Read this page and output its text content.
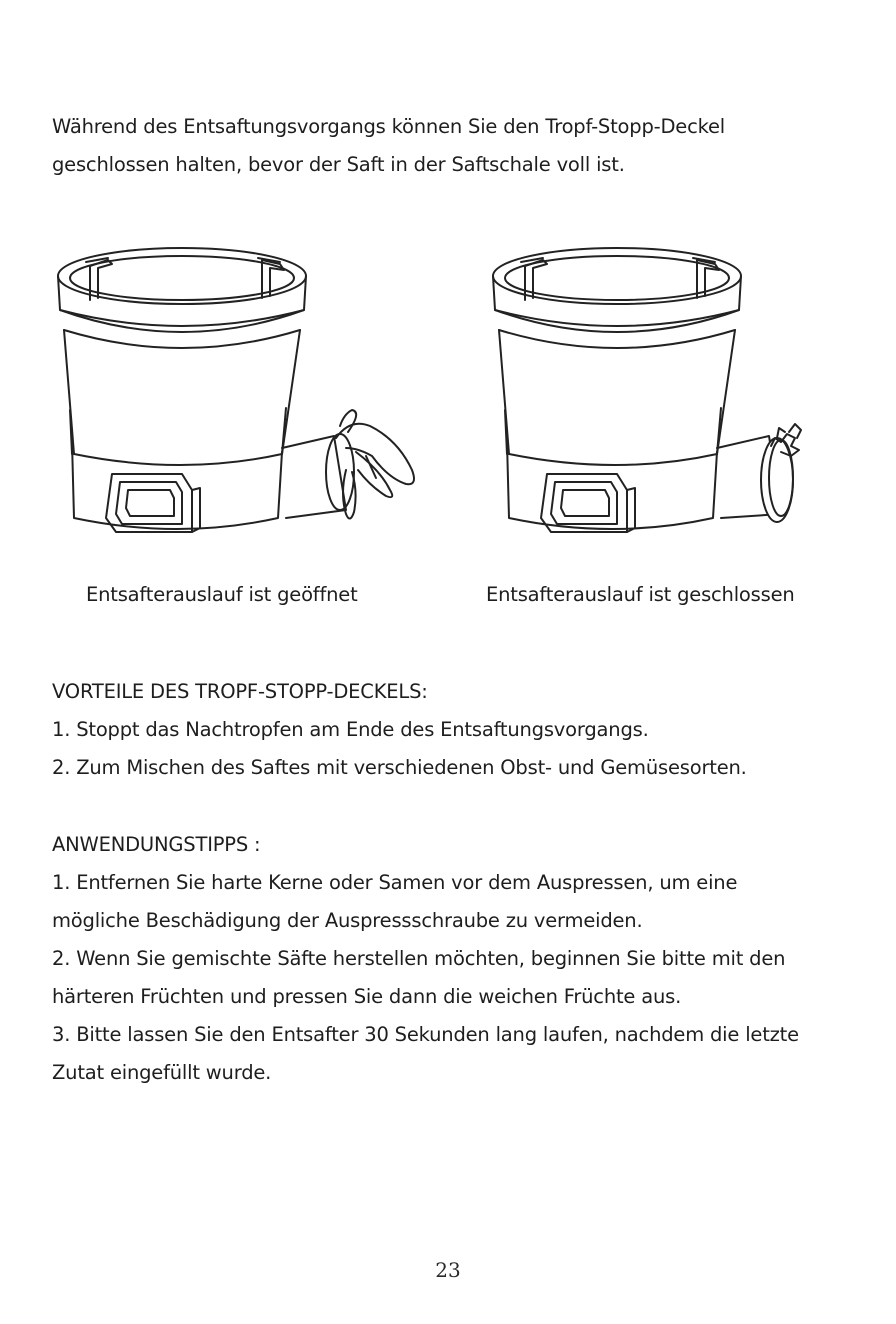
Während des Entsaftungsvorgangs können Sie den Tropf-Stopp-Deckel

geschlossen halten, bevor der Saft in der Saftschale voll ist.

Entsafterauslauf ist geöffnet	Entsafterauslauf ist geschlossen

VORTEILE DES TROPF-STOPP-DECKELS:

1. Stoppt das Nachtropfen am Ende des Entsaftungsvorgangs.

2. Zum Mischen des Saftes mit verschiedenen Obst- und Gemüsesorten.

ANWENDUNGSTIPPS :

1. Entfernen Sie harte Kerne oder Samen vor dem Auspressen, um eine

mögliche Beschädigung der Auspressschraube zu vermeiden.

2. Wenn Sie gemischte Säfte herstellen möchten, beginnen Sie bitte mit den

härteren Früchten und pressen Sie dann die weichen Früchte aus.

3. Bitte lassen Sie den Entsafter 30 Sekunden lang laufen, nachdem die letzte

Zutat eingefüllt wurde.

23
